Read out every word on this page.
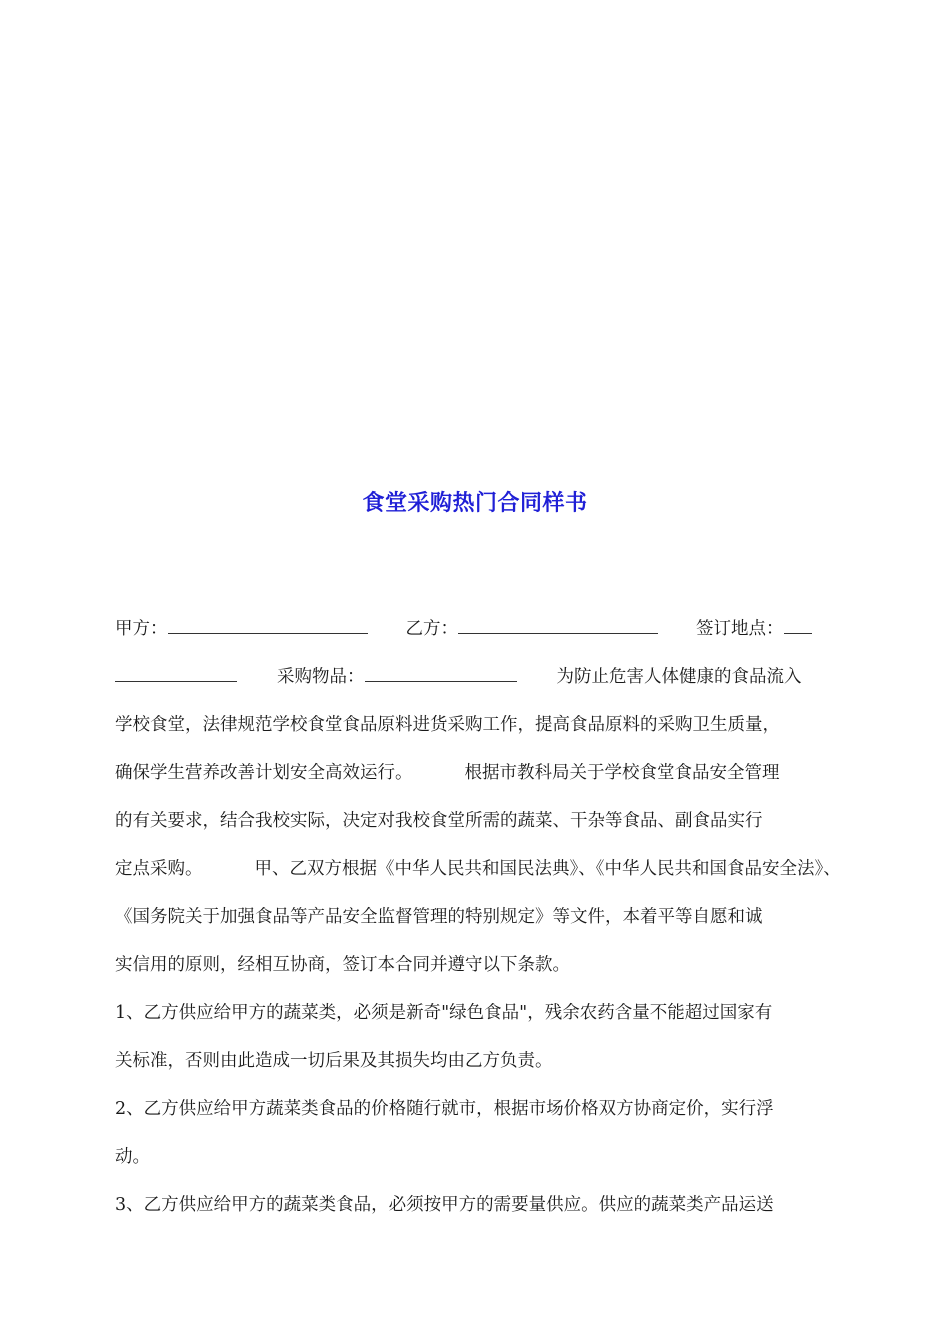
食堂采购热门合同样书
甲方：	乙方：	签订地点：
采购物品：	为防止危害人体健康的食品流入
学校食堂，法律规范学校食堂食品原料进货采购工作，提高食品原料的采购卫生质量，
确保学生营养改善计划安全高效运行。	根据市教科局关于学校食堂食品安全管理
的有关要求，结合我校实际，决定对我校食堂所需的蔬菜、干杂等食品、副食品实行
定点采购。	甲、乙双方根据《中华人民共和国民法典》、《中华人民共和国食品安全法》、
《国务院关于加强食品等产品安全监督管理的特别规定》等文件，本着平等自愿和诚
实信用的原则，经相互协商，签订本合同并遵守以下条款。
1、乙方供应给甲方的蔬菜类，必须是新奇"绿色食品"，残余农药含量不能超过国家有
关标准，否则由此造成一切后果及其损失均由乙方负责。
2、乙方供应给甲方蔬菜类食品的价格随行就市，根据市场价格双方协商定价，实行浮
动。
3、乙方供应给甲方的蔬菜类食品，必须按甲方的需要量供应。供应的蔬菜类产品运送
